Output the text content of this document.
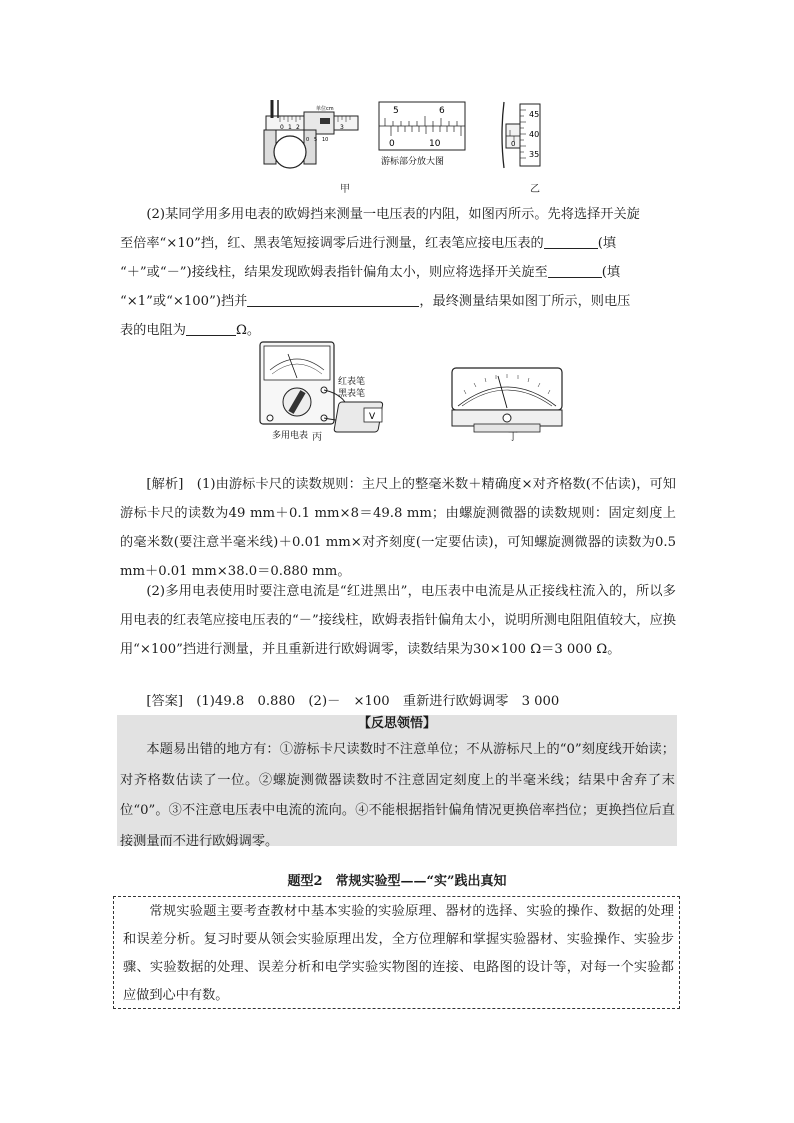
0 1 2	3
单位cm
0 5 10
5	6
0	10
游标部分放大图
45
40
35
0
甲	乙
(2)某同学用多用电表的欧姆挡来测量一电压表的内阻，如图丙所示。先将选择开关旋
至倍率“×10”挡，红、黑表笔短接调零后进行测量，红表笔应接电压表的	(填
“＋”或“－”)接线柱，结果发现欧姆表指针偏角太小，则应将选择开关旋至	(填
“×1”或“×100”)挡并	，最终测量结果如图丁所示，则电压
表的电阻为	Ω。
V
红表笔
黑表笔
多用电表 丙	丁
[解析]　(1)由游标卡尺的读数规则：主尺上的整毫米数＋精确度×对齐格数(不估读)，可知游标卡尺的读数为49 mm＋0.1 mm×8＝49.8 mm；由螺旋测微器的读数规则：固定刻度上的毫米数(要注意半毫米线)＋0.01 mm×对齐刻度(一定要估读)，可知螺旋测微器的读数为0.5 mm＋0.01 mm×38.0＝0.880 mm。
(2)多用电表使用时要注意电流是“红进黑出”，电压表中电流是从正接线柱流入的，所以多用电表的红表笔应接电压表的“－”接线柱，欧姆表指针偏角太小，说明所测电阻阻值较大，应换用“×100”挡进行测量，并且重新进行欧姆调零，读数结果为30×100 Ω＝3 000 Ω。
[答案]　(1)49.8　0.880　(2)－　×100　重新进行欧姆调零　3 000
【反思领悟】
本题易出错的地方有：①游标卡尺读数时不注意单位；不从游标尺上的“0”刻度线开始读；对齐格数估读了一位。②螺旋测微器读数时不注意固定刻度上的半毫米线；结果中舍弃了末位“0”。③不注意电压表中电流的流向。④不能根据指针偏角情况更换倍率挡位；更换挡位后直接测量而不进行欧姆调零。
题型2　常规实验型——“实”践出真知
常规实验题主要考查教材中基本实验的实验原理、器材的选择、实验的操作、数据的处理和误差分析。复习时要从领会实验原理出发，全方位理解和掌握实验器材、实验操作、实验步骤、实验数据的处理、误差分析和电学实验实物图的连接、电路图的设计等，对每一个实验都应做到心中有数。
